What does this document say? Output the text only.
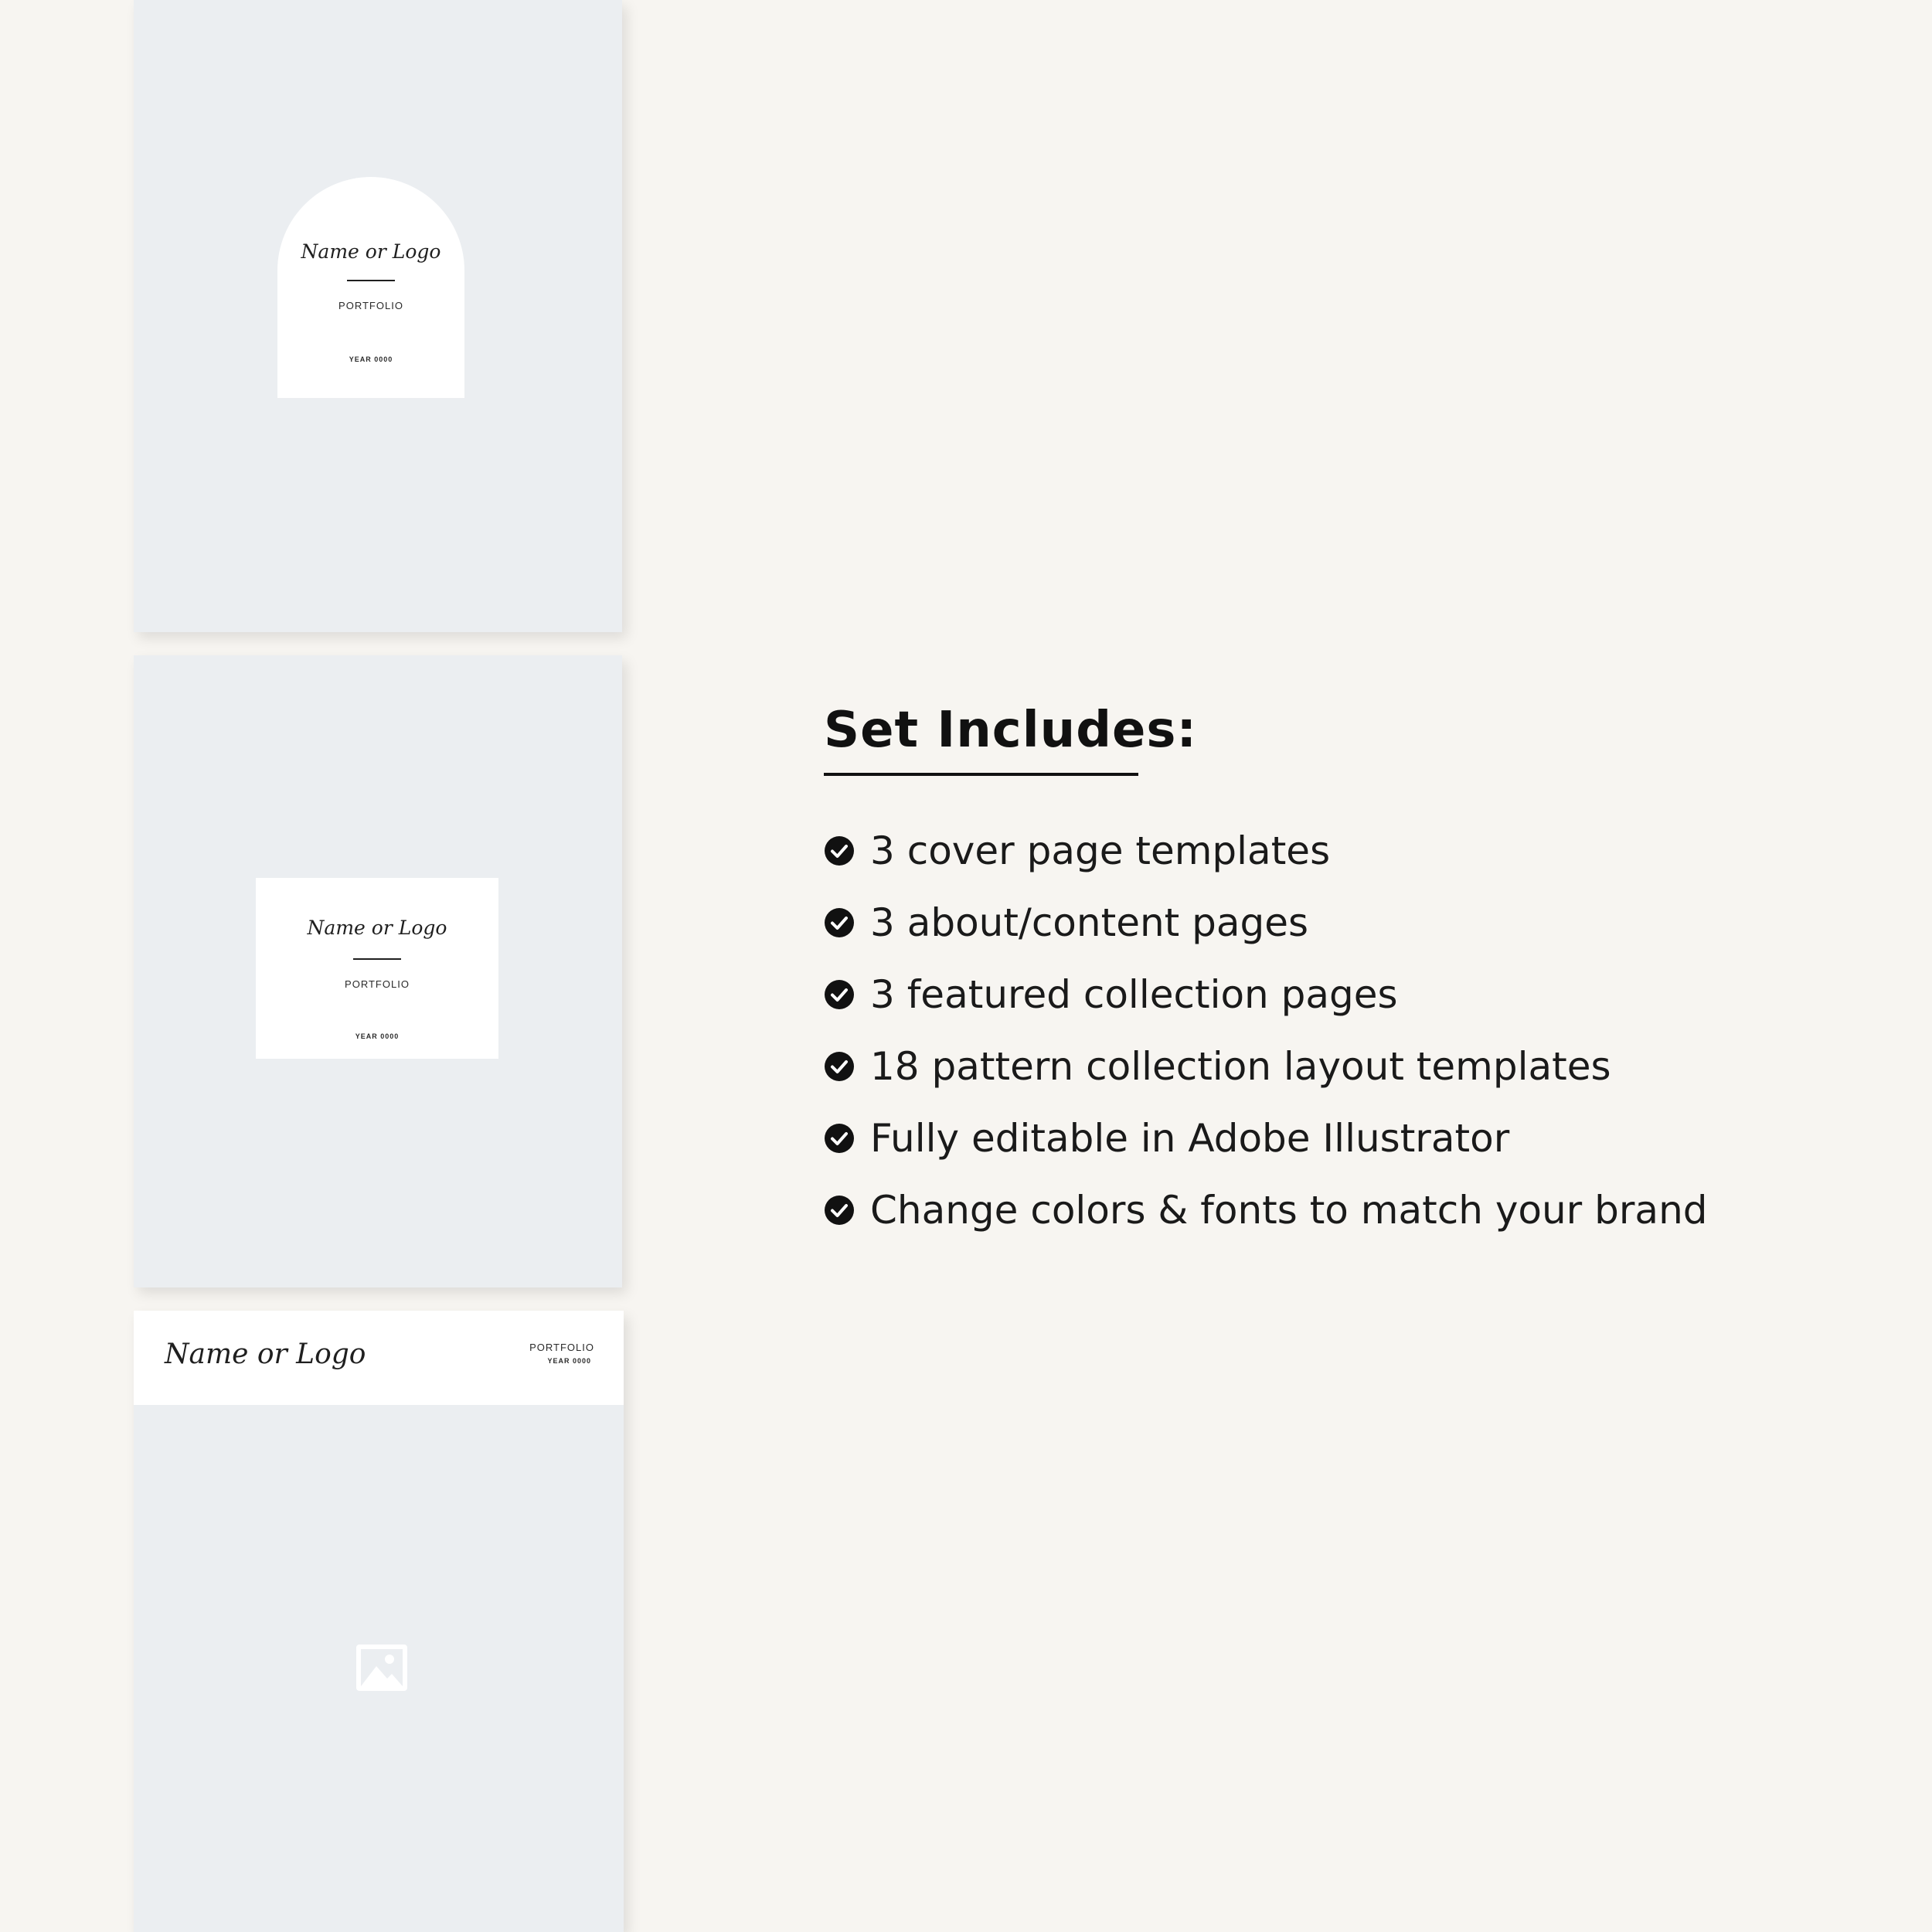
Name or Logo
PORTFOLIO
YEAR 0000
Name or Logo
PORTFOLIO
YEAR 0000
Name or Logo	PORTFOLIO
YEAR 0000
Set Includes:
3 cover page templates
3 about/content pages
3 featured collection pages
18 pattern collection layout templates
Fully editable in Adobe Illustrator
Change colors & fonts to match your brand
